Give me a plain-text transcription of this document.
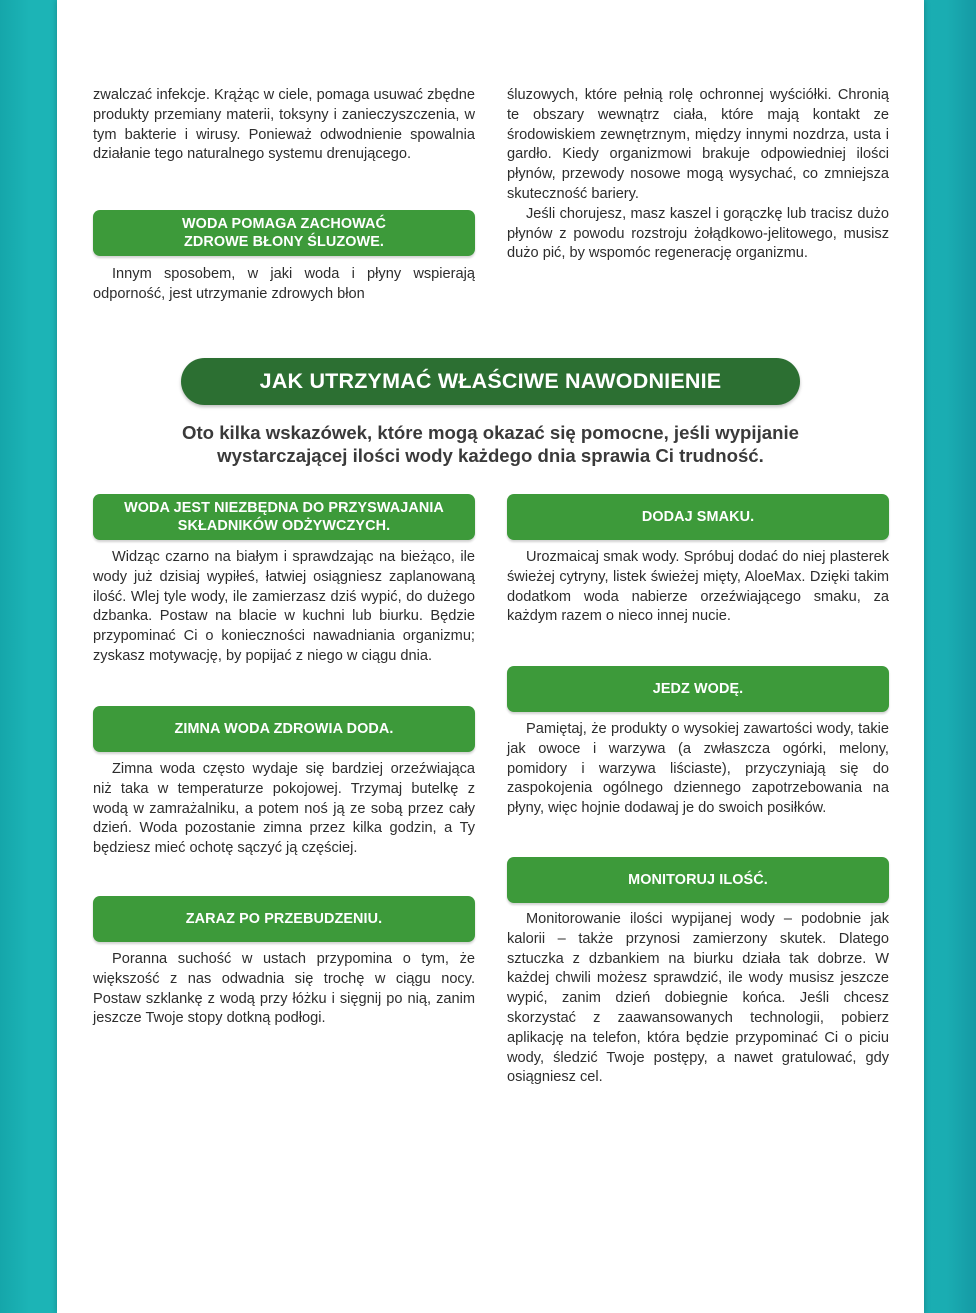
zwalczać infekcje. Krążąc w ciele, pomaga usuwać zbędne produkty przemiany materii, toksyny i zanieczyszczenia, w tym bakterie i wirusy. Ponieważ odwodnienie spowalnia działanie tego naturalnego systemu drenującego.

WODA POMAGA ZACHOWAĆ ZDROWE BŁONY ŚLUZOWE.

Innym sposobem, w jaki woda i płyny wspierają odporność, jest utrzymanie zdrowych błon

śluzowych, które pełnią rolę ochronnej wyściółki. Chronią te obszary wewnątrz ciała, które mają kontakt ze środowiskiem zewnętrznym, między innymi nozdrza, usta i gardło. Kiedy organizmowi brakuje odpowiedniej ilości płynów, przewody nosowe mogą wysychać, co zmniejsza skuteczność bariery.

Jeśli chorujesz, masz kaszel i gorączkę lub tracisz dużo płynów z powodu rozstroju żołądkowo-jelitowego, musisz dużo pić, by wspomóc regenerację organizmu.

JAK UTRZYMAĆ WŁAŚCIWE NAWODNIENIE
Oto kilka wskazówek, które mogą okazać się pomocne, jeśli wypijanie
wystarczającej ilości wody każdego dnia sprawia Ci trudność.
WODA JEST NIEZBĘDNA DO PRZYSWAJANIA
SKŁADNIKÓW ODŻYWCZYCH.

Widząc czarno na białym i sprawdzając na bieżąco, ile wody już dzisiaj wypiłeś, łatwiej osiągniesz zaplanowaną ilość. Wlej tyle wody, ile zamierzasz dziś wypić, do dużego dzbanka. Postaw na blacie w kuchni lub biurku. Będzie przypominać Ci o konieczności nawadniania organizmu; zyskasz motywację, by popijać z niego w ciągu dnia.

ZIMNA WODA ZDROWIA DODA.

Zimna woda często wydaje się bardziej orzeźwiająca niż taka w temperaturze pokojowej. Trzymaj butelkę z wodą w zamrażalniku, a potem noś ją ze sobą przez cały dzień. Woda pozostanie zimna przez kilka godzin, a Ty będziesz mieć ochotę sączyć ją częściej.

ZARAZ PO PRZEBUDZENIU.

Poranna suchość w ustach przypomina o tym, że większość z nas odwadnia się trochę w ciągu nocy. Postaw szklankę z wodą przy łóżku i sięgnij po nią, zanim jeszcze Twoje stopy dotkną podłogi.

DODAJ SMAKU.

Urozmaicaj smak wody. Spróbuj dodać do niej plasterek świeżej cytryny, listek świeżej mięty, AloeMax. Dzięki takim dodatkom woda nabierze orzeźwiającego smaku, za każdym razem o nieco innej nucie.

JEDZ WODĘ.

Pamiętaj, że produkty o wysokiej zawartości wody, takie jak owoce i warzywa (a zwłaszcza ogórki, melony, pomidory i warzywa liściaste), przyczyniają się do zaspokojenia ogólnego dziennego zapotrzebowania na płyny, więc hojnie dodawaj je do swoich posiłków.

MONITORUJ ILOŚĆ.

Monitorowanie ilości wypijanej wody – podobnie jak kalorii – także przynosi zamierzony skutek. Dlatego sztuczka z dzbankiem na biurku działa tak dobrze. W każdej chwili możesz sprawdzić, ile wody musisz jeszcze wypić, zanim dzień dobiegnie końca. Jeśli chcesz skorzystać z zaawansowanych technologii, pobierz aplikację na telefon, która będzie przypominać Ci o piciu wody, śledzić Twoje postępy, a nawet gratulować, gdy osiągniesz cel.
